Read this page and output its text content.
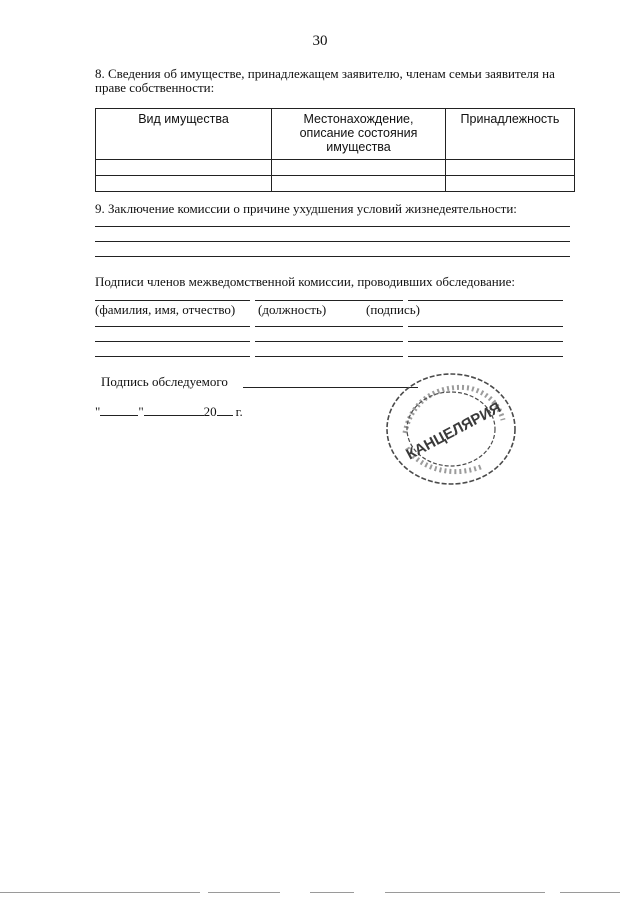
30
8. Сведения об имуществе, принадлежащем заявителю, членам семьи заявителя на праве собственности:
Вид имущества	Местонахождение, описание состояния имущества	Принадлежность

9. Заключение комиссии о причине ухудшения условий жизнедеятельности:
Подписи членов межведомственной комиссии, проводивших обследование:
(фамилия, имя, отчество) (должность)	(подпись)
Подпись обследуемого
"	"	20 г.	КАНЦЕЛЯРИЯ
